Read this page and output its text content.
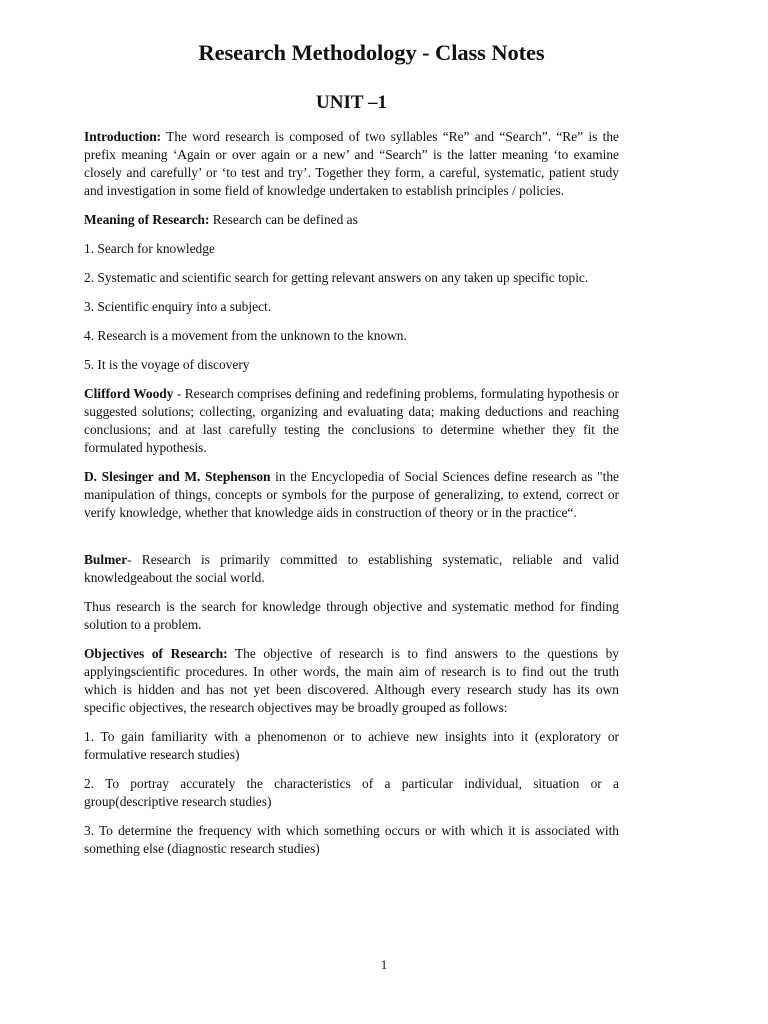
Research Methodology - Class Notes
UNIT –1

Introduction: The word research is composed of two syllables “Re” and “Search”. “Re” is the prefix meaning ‘Again or over again or a new’ and “Search” is the latter meaning ‘to examine closely and carefully’ or ‘to test and try’. Together they form, a careful, systematic, patient study and investigation in some field of knowledge undertaken to establish principles / policies.

Meaning of Research: Research can be defined as

1. Search for knowledge

2. Systematic and scientific search for getting relevant answers on any taken up specific topic.

3. Scientific enquiry into a subject.

4. Research is a movement from the unknown to the known.

5. It is the voyage of discovery

Clifford Woody - Research comprises defining and redefining problems, formulating hypothesis or suggested solutions; collecting, organizing and evaluating data; making deductions and reaching conclusions; and at last carefully testing the conclusions to determine whether they fit the formulated hypothesis.

D. Slesinger and M. Stephenson in the Encyclopedia of Social Sciences define research as "the manipulation of things, concepts or symbols for the purpose of generalizing, to extend, correct or verify knowledge, whether that knowledge aids in construction of theory or in the practice“.

Bulmer- Research is primarily committed to establishing systematic, reliable and valid knowledgeabout the social world.

Thus research is the search for knowledge through objective and systematic method for finding solution to a problem.

Objectives of Research: The objective of research is to find answers to the questions by applyingscientific procedures. In other words, the main aim of research is to find out the truth which is hidden and has not yet been discovered. Although every research study has its own specific objectives, the research objectives may be broadly grouped as follows:

1. To gain familiarity with a phenomenon or to achieve new insights into it (exploratory or formulative research studies)

2. To portray accurately the characteristics of a particular individual, situation or a group(descriptive research studies)

3. To determine the frequency with which something occurs or with which it is associated with something else (diagnostic research studies)

1
